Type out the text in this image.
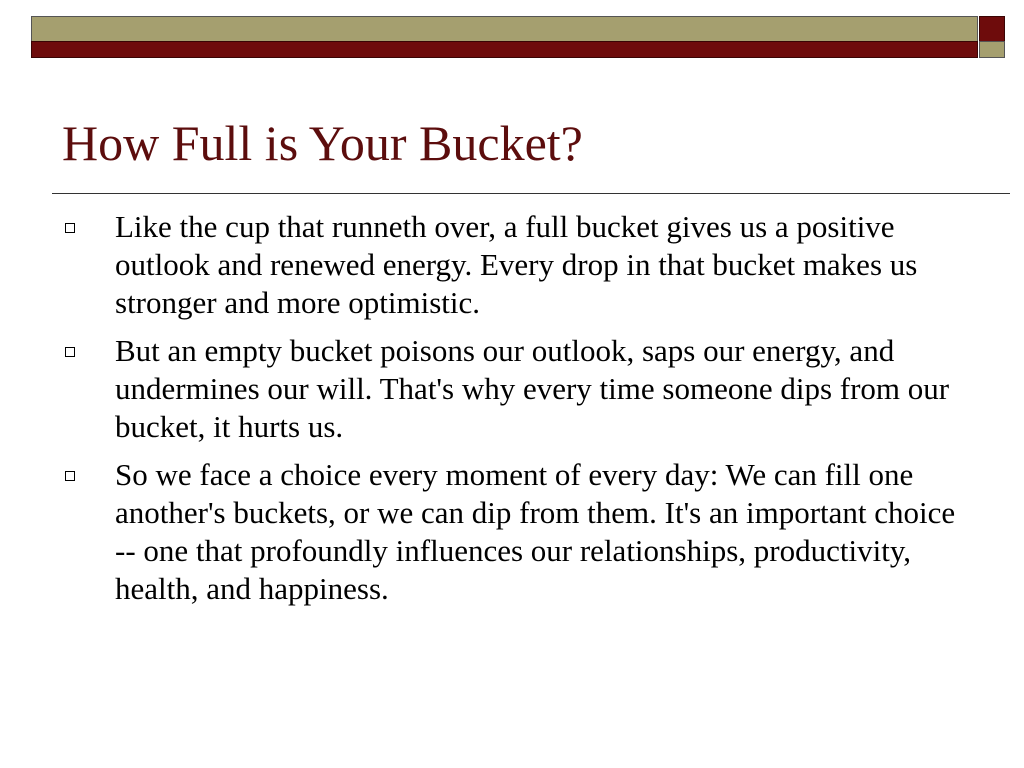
How Full is Your Bucket?
Like the cup that runneth over, a full bucket gives us a positive outlook and renewed energy. Every drop in that bucket makes us stronger and more optimistic.
But an empty bucket poisons our outlook, saps our energy, and undermines our will. That's why every time someone dips from our bucket, it hurts us.
So we face a choice every moment of every day: We can fill one another's buckets, or we can dip from them. It's an important choice -- one that profoundly influences our relationships, productivity, health, and happiness.
